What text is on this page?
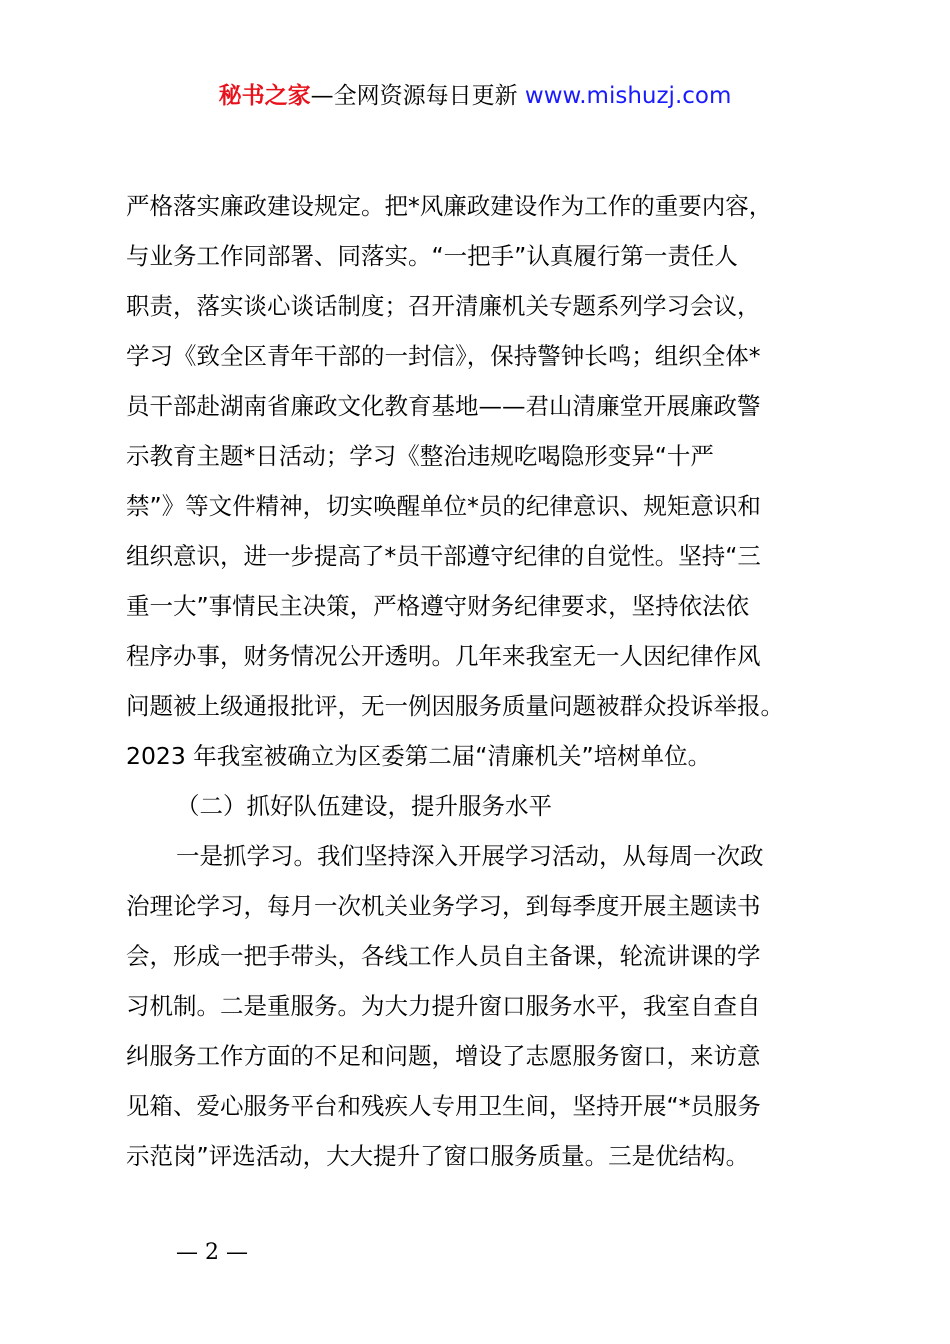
秘书之家—全网资源每日更新 www.mishuzj.com
严格落实廉政建设规定。把*风廉政建设作为工作的重要内容，
与业务工作同部署、同落实。“一把手”认真履行第一责任人
职责，落实谈心谈话制度；召开清廉机关专题系列学习会议，
学习《致全区青年干部的一封信》，保持警钟长鸣；组织全体*
员干部赴湖南省廉政文化教育基地——君山清廉堂开展廉政警
示教育主题*日活动；学习《整治违规吃喝隐形变异“十严
禁”》等文件精神，切实唤醒单位*员的纪律意识、规矩意识和
组织意识，进一步提高了*员干部遵守纪律的自觉性。坚持“三
重一大”事情民主决策，严格遵守财务纪律要求，坚持依法依
程序办事，财务情况公开透明。几年来我室无一人因纪律作风
问题被上级通报批评，无一例因服务质量问题被群众投诉举报。
2023 年我室被确立为区委第二届“清廉机关”培树单位。
（二）抓好队伍建设，提升服务水平
一是抓学习。我们坚持深入开展学习活动，从每周一次政
治理论学习，每月一次机关业务学习，到每季度开展主题读书
会，形成一把手带头，各线工作人员自主备课，轮流讲课的学
习机制。二是重服务。为大力提升窗口服务水平，我室自查自
纠服务工作方面的不足和问题，增设了志愿服务窗口，来访意
见箱、爱心服务平台和残疾人专用卫生间，坚持开展“*员服务
示范岗”评选活动，大大提升了窗口服务质量。三是优结构。
— 2 —
